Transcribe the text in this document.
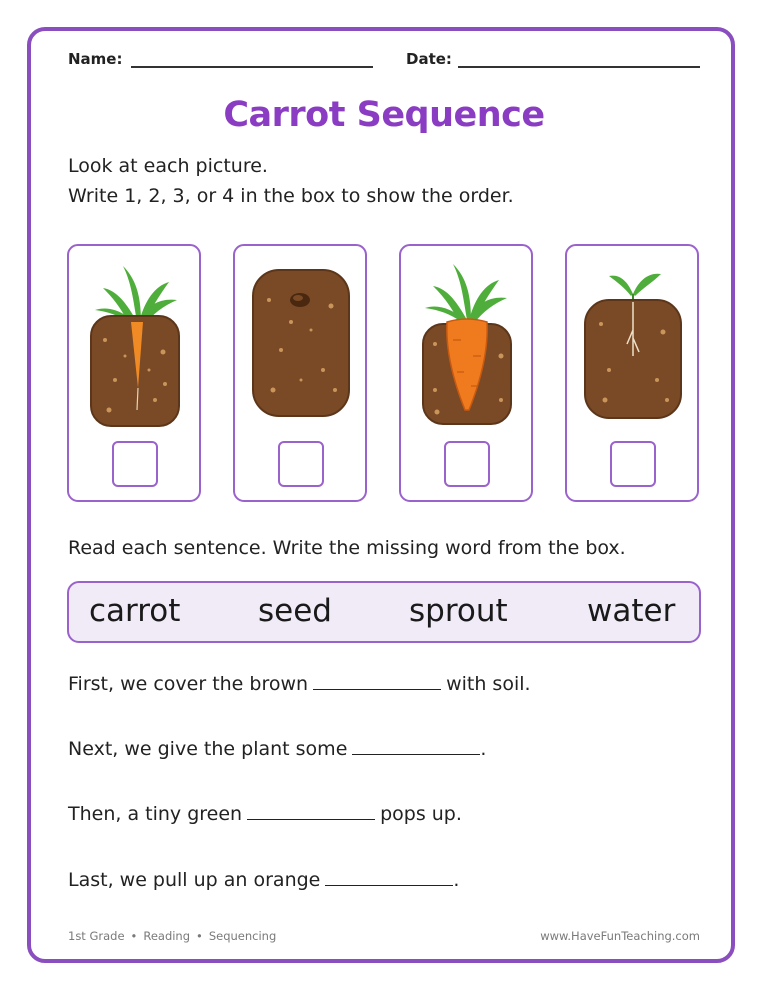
Name:	Date:
Carrot Sequence
Look at each picture.
Write 1, 2, 3, or 4 in the box to show the order.
Read each sentence. Write the missing word from the box.
carrot	seed sprout	water
First, we cover the brown	with soil.
Next, we give the plant some	.
Then, a tiny green	pops up.
Last, we pull up an orange	.
1st Grade • Reading • Sequencing	www.HaveFunTeaching.com
